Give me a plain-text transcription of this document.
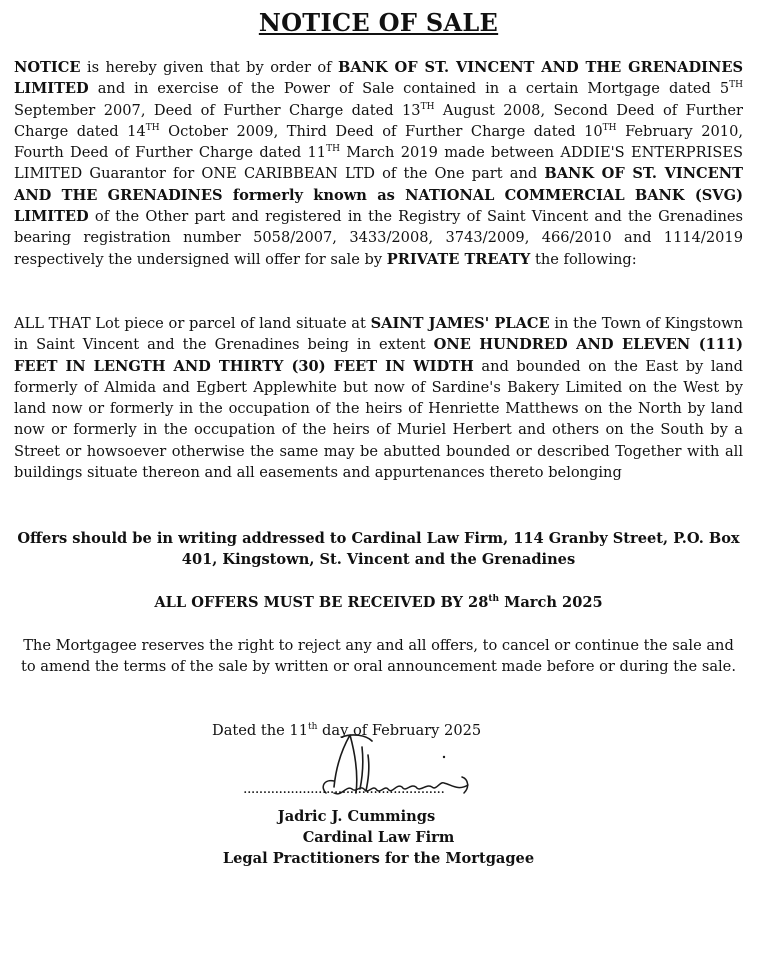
NOTICE OF SALE

NOTICE is hereby given that by order of BANK OF ST. VINCENT AND THE GRENADINES LIMITED and in exercise of the Power of Sale contained in a certain Mortgage dated 5TH September 2007, Deed of Further Charge dated 13TH August 2008, Second Deed of Further Charge dated 14TH October 2009, Third Deed of Further Charge dated 10TH February 2010, Fourth Deed of Further Charge dated 11TH March 2019 made between ADDIE'S ENTERPRISES LIMITED Guarantor for ONE CARIBBEAN LTD of the One part and BANK OF ST. VINCENT AND THE GRENADINES formerly known as NATIONAL COMMERCIAL BANK (SVG) LIMITED of the Other part and registered in the Registry of Saint Vincent and the Grenadines bearing registration number 5058/2007, 3433/2008, 3743/2009, 466/2010 and 1114/2019 respectively the undersigned will offer for sale by PRIVATE TREATY the following:

ALL THAT Lot piece or parcel of land situate at SAINT JAMES' PLACE in the Town of Kingstown in Saint Vincent and the Grenadines being in extent ONE HUNDRED AND ELEVEN (111) FEET IN LENGTH AND THIRTY (30) FEET IN WIDTH and bounded on the East by land formerly of Almida and Egbert Applewhite but now of Sardine's Bakery Limited on the West by land now or formerly in the occupation of the heirs of Henriette Matthews on the North by land now or formerly in the occupation of the heirs of Muriel Herbert and others on the South by a Street or howsoever otherwise the same may be abutted bounded or described Together with all buildings situate thereon and all easements and appurtenances thereto belonging

Offers should be in writing addressed to Cardinal Law Firm, 114 Granby Street, P.O. Box 401, Kingstown, St. Vincent and the Grenadines

ALL OFFERS MUST BE RECEIVED BY 28th March 2025

The Mortgagee reserves the right to reject any and all offers, to cancel or continue the sale and to amend the terms of the sale by written or oral announcement made before or during the sale.

Dated the 11th day of February 2025
...................................................
Jadric J. Cummings
Cardinal Law Firm
Legal Practitioners for the Mortgagee
